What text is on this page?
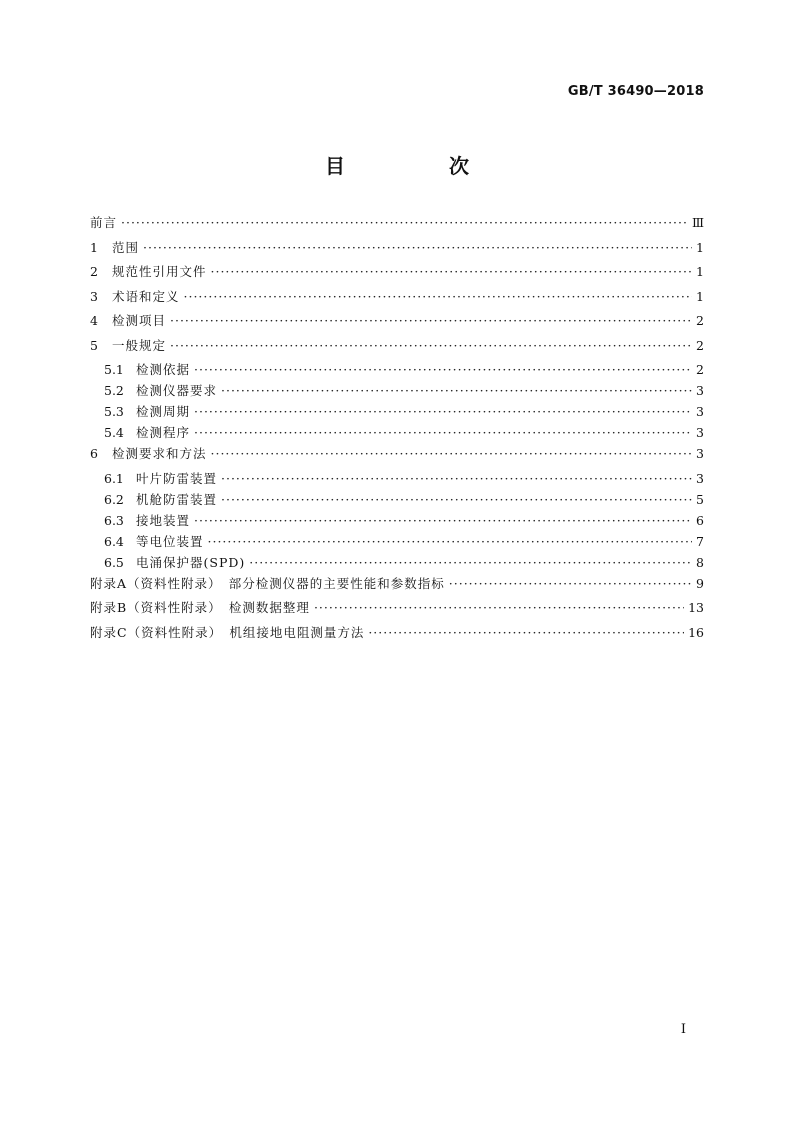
GB/T 36490—2018
目　次
前言 ·····	Ⅲ
1	范围 ·····	1
2	规范性引用文件 ·····	1
3	术语和定义 ·····	1
4	检测项目 ·····	2
5	一般规定 ·····	2
5.1 检测依据 ·····	2
5.2 检测仪器要求 ·····	3
5.3 检测周期 ·····	3
5.4 检测程序 ·····	3
6	检测要求和方法 ·····	3
6.1 叶片防雷装置 ·····	3
6.2 机舱防雷装置 ·····	5
6.3 接地装置 ·····	6
6.4 等电位装置 ·····	7
6.5 电涌保护器(SPD) ·····	8
附录A（资料性附录）　部分检测仪器的主要性能和参数指标 ·····	9
附录B（资料性附录）　检测数据整理 ·····	13
附录C（资料性附录）　机组接地电阻测量方法 ·····	16
I
